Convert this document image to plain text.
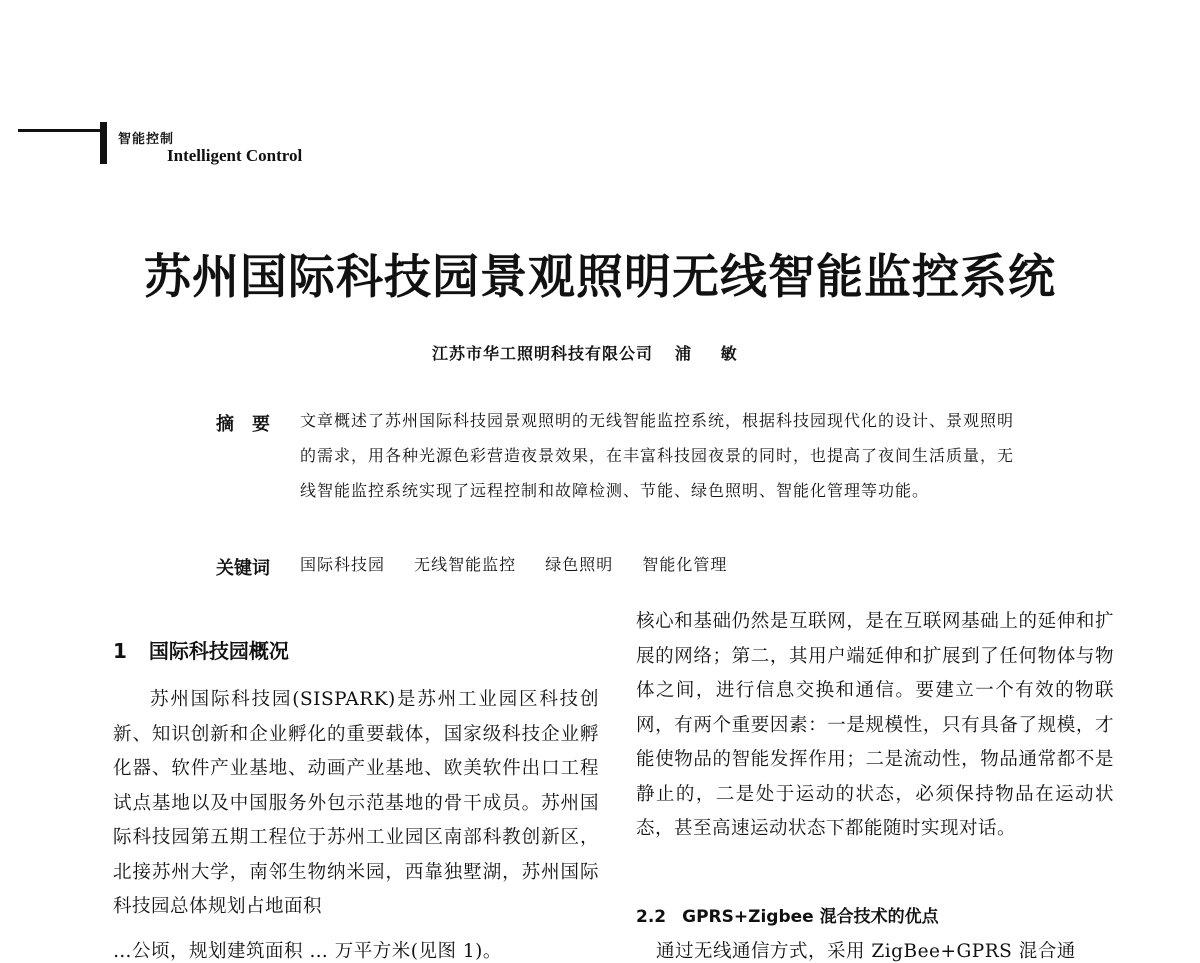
智能控制
Intelligent Control
苏州国际科技园景观照明无线智能监控系统
江苏市华工照明科技有限公司 浦 敏
摘要 文章概述了苏州国际科技园景观照明的无线智能监控系统，根据科技园现代化的设计、景观照明的需求，用各种光源色彩营造夜景效果，在丰富科技园夜景的同时，也提高了夜间生活质量，无线智能监控系统实现了远程控制和故障检测、节能、绿色照明、智能化管理等功能。
关键词 国际科技园 无线智能监控 绿色照明 智能化管理
1 国际科技园概况

苏州国际科技园(SISPARK)是苏州工业园区科技创新、知识创新和企业孵化的重要载体，国家级科技企业孵化器、软件产业基地、动画产业基地、欧美软件出口工程试点基地以及中国服务外包示范基地的骨干成员。苏州国际科技园第五期工程位于苏州工业园区南部科教创新区，北接苏州大学，南邻生物纳米园，西靠独墅湖，苏州国际科技园总体规划占地面积

…公顷，规划建筑面积 … 万平方米(见图 1)。

核心和基础仍然是互联网，是在互联网基础上的延伸和扩展的网络；第二，其用户端延伸和扩展到了任何物体与物体之间，进行信息交换和通信。要建立一个有效的物联网，有两个重要因素：一是规模性，只有具备了规模，才能使物品的智能发挥作用；二是流动性，物品通常都不是静止的，二是处于运动的状态，必须保持物品在运动状态，甚至高速运动状态下都能随时实现对话。

2.2 GPRS+Zigbee 混合技术的优点
通过无线通信方式，采用 ZigBee+GPRS 混合通
